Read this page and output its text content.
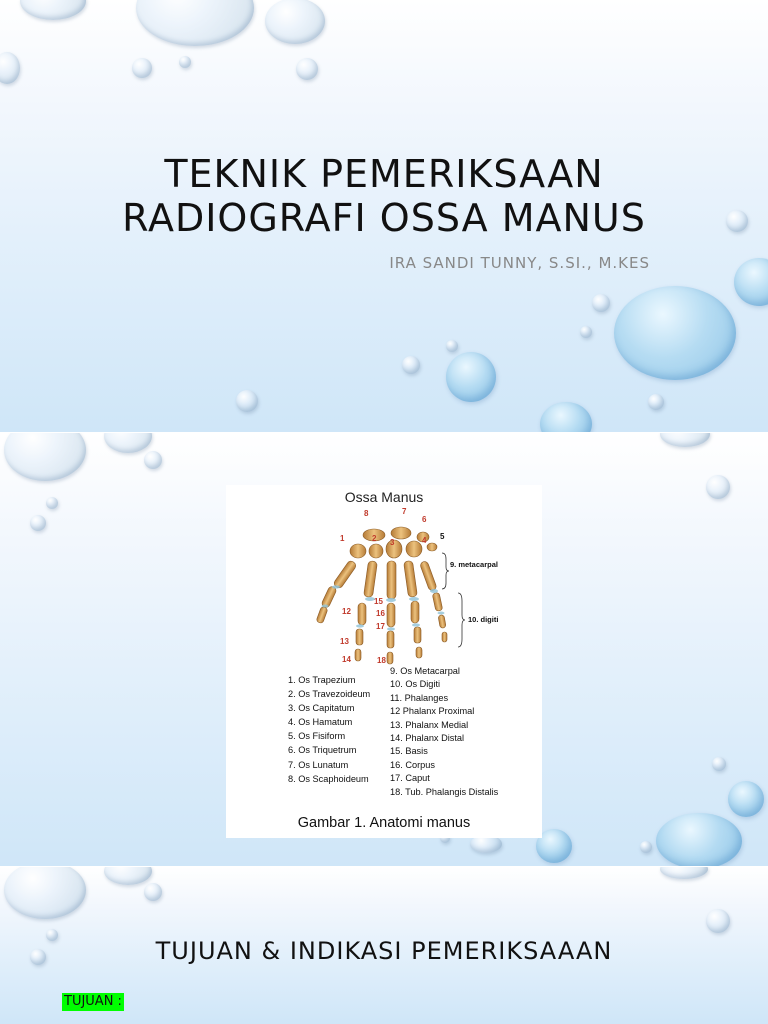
TEKNIK PEMERIKSAAN
RADIOGRAFI OSSA MANUS
IRA SANDI TUNNY, S.SI., M.KES
Ossa Manus
1	2 3	4 5
6
7
8
12
13
14
15
16
17
18
9. metacarpal
10. digiti
1. Os Trapezium
2. Os Travezoideum
3. Os Capitatum
4. Os Hamatum
5. Os Fisiform
6. Os Triquetrum
7. Os Lunatum
8. Os Scaphoideum
9. Os Metacarpal
10. Os Digiti
11. Phalanges
12 Phalanx Proximal
13. Phalanx Medial
14. Phalanx Distal
15. Basis
16. Corpus
17. Caput
18. Tub. Phalangis Distalis
Gambar 1. Anatomi manus
TUJUAN & INDIKASI PEMERIKSAAAN
TUJUAN :
